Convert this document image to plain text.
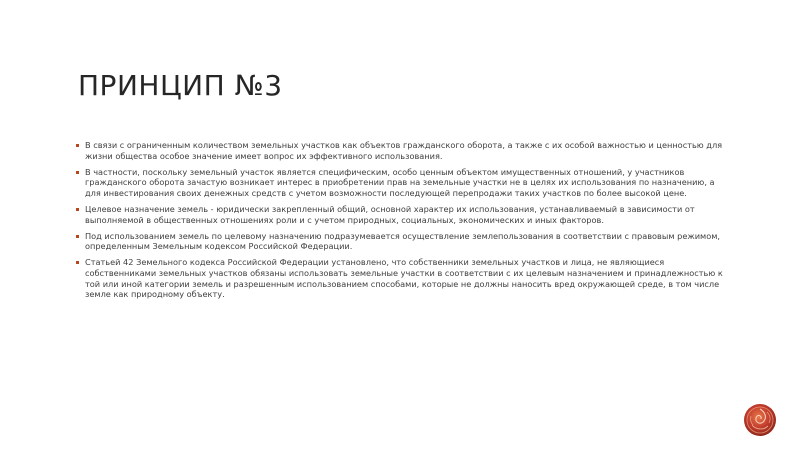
ПРИНЦИП №3
В связи с ограниченным количеством земельных участков как объектов гражданского оборота, а также с их особой важностью и ценностью для жизни общества особое значение имеет вопрос их эффективного использования.
В частности, поскольку земельный участок является специфическим, особо ценным объектом имущественных отношений, у участников гражданского оборота зачастую возникает интерес в приобретении прав на земельные участки не в целях их использования по назначению, а для инвестирования своих денежных средств с учетом возможности последующей перепродажи таких участков по более высокой цене.
Целевое назначение земель - юридически закрепленный общий, основной характер их использования, устанавливаемый в зависимости от выполняемой в общественных отношениях роли и с учетом природных, социальных, экономических и иных факторов.
Под использованием земель по целевому назначению подразумевается осуществление землепользования в соответствии с правовым режимом, определенным Земельным кодексом Российской Федерации.
Статьей 42 Земельного кодекса Российской Федерации установлено, что собственники земельных участков и лица, не являющиеся собственниками земельных участков обязаны использовать земельные участки в соответствии с их целевым назначением и принадлежностью к той или иной категории земель и разрешенным использованием способами, которые не должны наносить вред окружающей среде, в том числе земле как природному объекту.
